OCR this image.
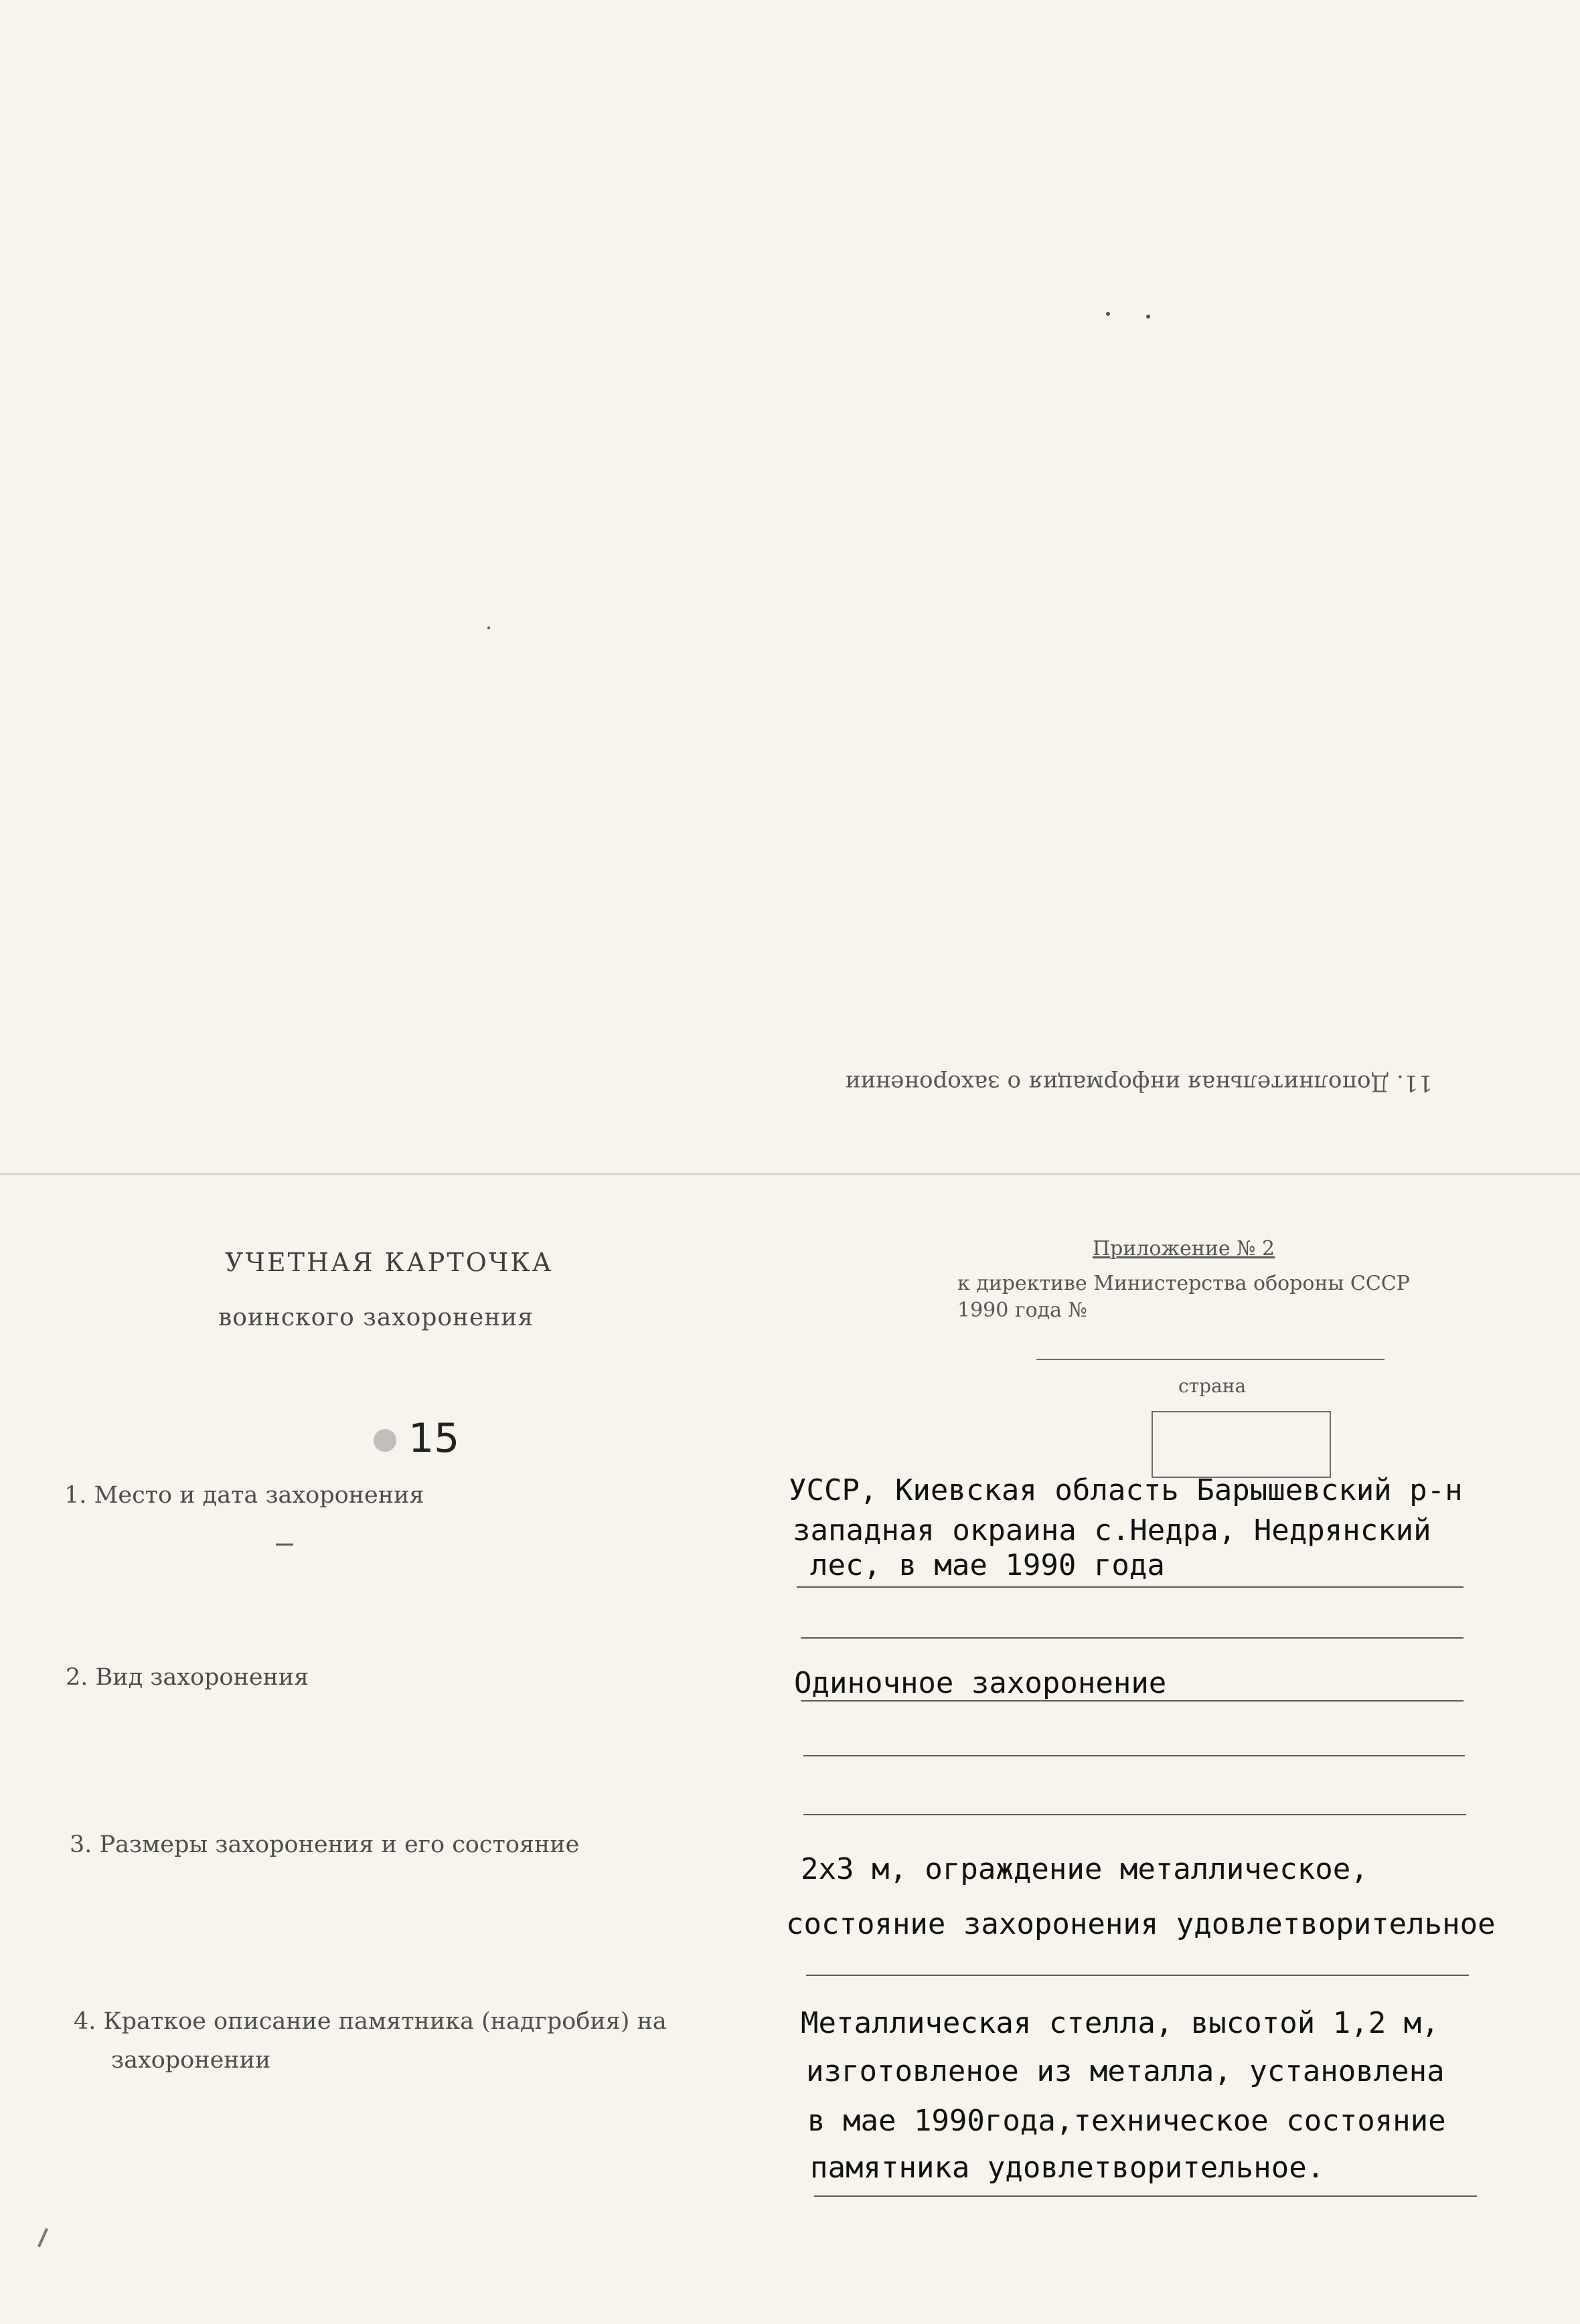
11. Дополнительная информация о захоронении
УЧЕТНАЯ КАРТОЧКА
воинского захоронения
15
Приложение № 2
к директиве Министерства обороны СССР
1990 года №
страна
1. Место и дата захоронения	УССР, Киевская область Барышевский р-н
западная окраина с.Недра, Недрянский
лес, в мае 1990 года
2. Вид захоронения	Одиночное захоронение
3. Размеры захоронения и его состояние
2х3 м, ограждение металлическое,
состояние захоронения удовлетворительное
4. Краткое описание памятника (надгробия) на
захоронении
Металлическая стелла, высотой 1,2 м,
изготовленое из металла, установлена
в мае 1990года,техническое состояние
памятника удовлетворительное.
